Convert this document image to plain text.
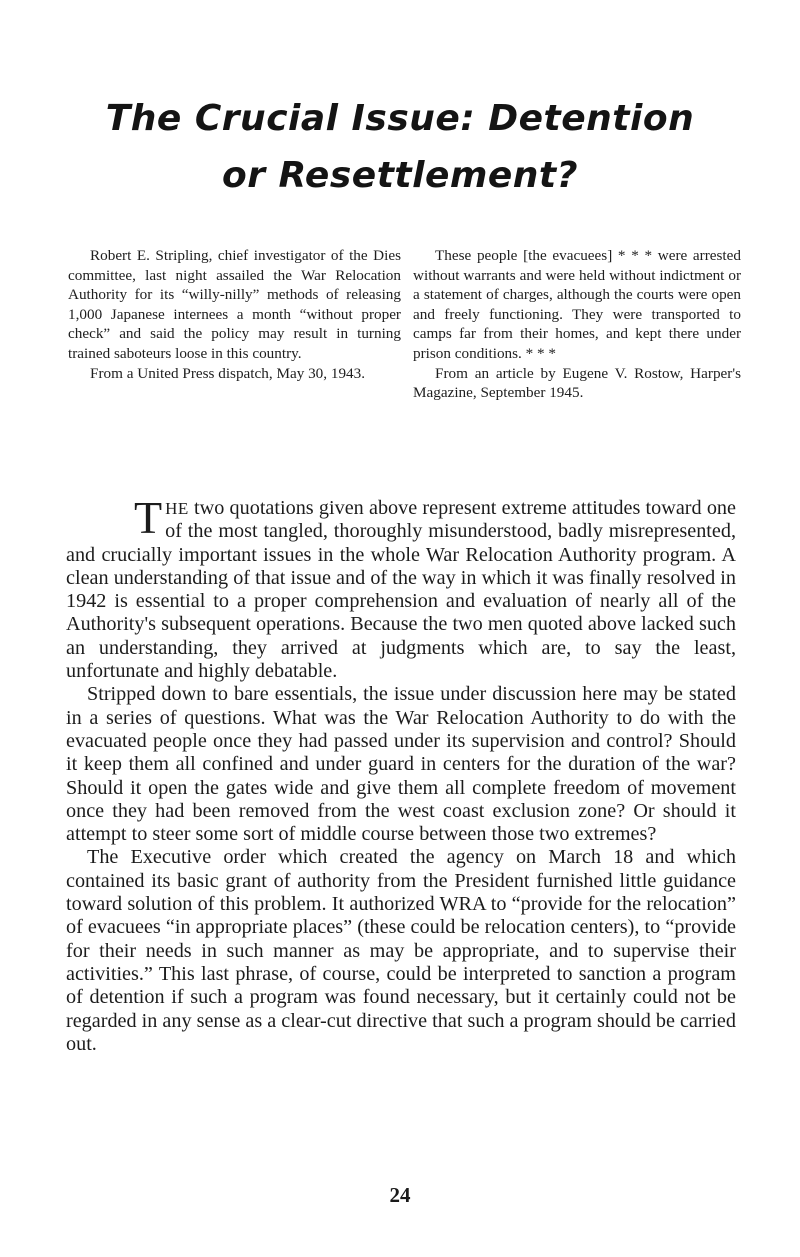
The Crucial Issue: Detention
or Resettlement?

Robert E. Stripling, chief investigator of the Dies committee, last night assailed the War Relocation Authority for its “willy-nilly” methods of releasing 1,000 Japanese internees a month “without proper check” and said the policy may result in turning trained saboteurs loose in this country.

From a United Press dispatch, May 30, 1943.

These people [the evacuees] * * * were arrested without warrants and were held without indictment or a statement of charges, although the courts were open and freely functioning. They were transported to camps far from their homes, and kept there under prison conditions. * * *

From an article by Eugene V. Rostow, Harper's Magazine, September 1945.

THE two quotations given above represent extreme attitudes toward one of the most tangled, thoroughly misunderstood, badly misrepresented, and crucially important issues in the whole War Relocation Authority program. A clean understanding of that issue and of the way in which it was finally resolved in 1942 is essential to a proper comprehension and evaluation of nearly all of the Authority's subsequent operations. Because the two men quoted above lacked such an understanding, they arrived at judgments which are, to say the least, unfortunate and highly debatable.

Stripped down to bare essentials, the issue under discussion here may be stated in a series of questions. What was the War Relocation Authority to do with the evacuated people once they had passed under its supervision and control? Should it keep them all confined and under guard in centers for the duration of the war? Should it open the gates wide and give them all complete freedom of movement once they had been removed from the west coast exclusion zone? Or should it attempt to steer some sort of middle course between those two extremes?

The Executive order which created the agency on March 18 and which contained its basic grant of authority from the President furnished little guidance toward solution of this problem. It authorized WRA to “provide for the relocation” of evacuees “in appropriate places” (these could be relocation centers), to “provide for their needs in such manner as may be appropriate, and to supervise their activities.” This last phrase, of course, could be interpreted to sanction a program of detention if such a program was found necessary, but it certainly could not be regarded in any sense as a clear-cut directive that such a program should be carried out.

24
